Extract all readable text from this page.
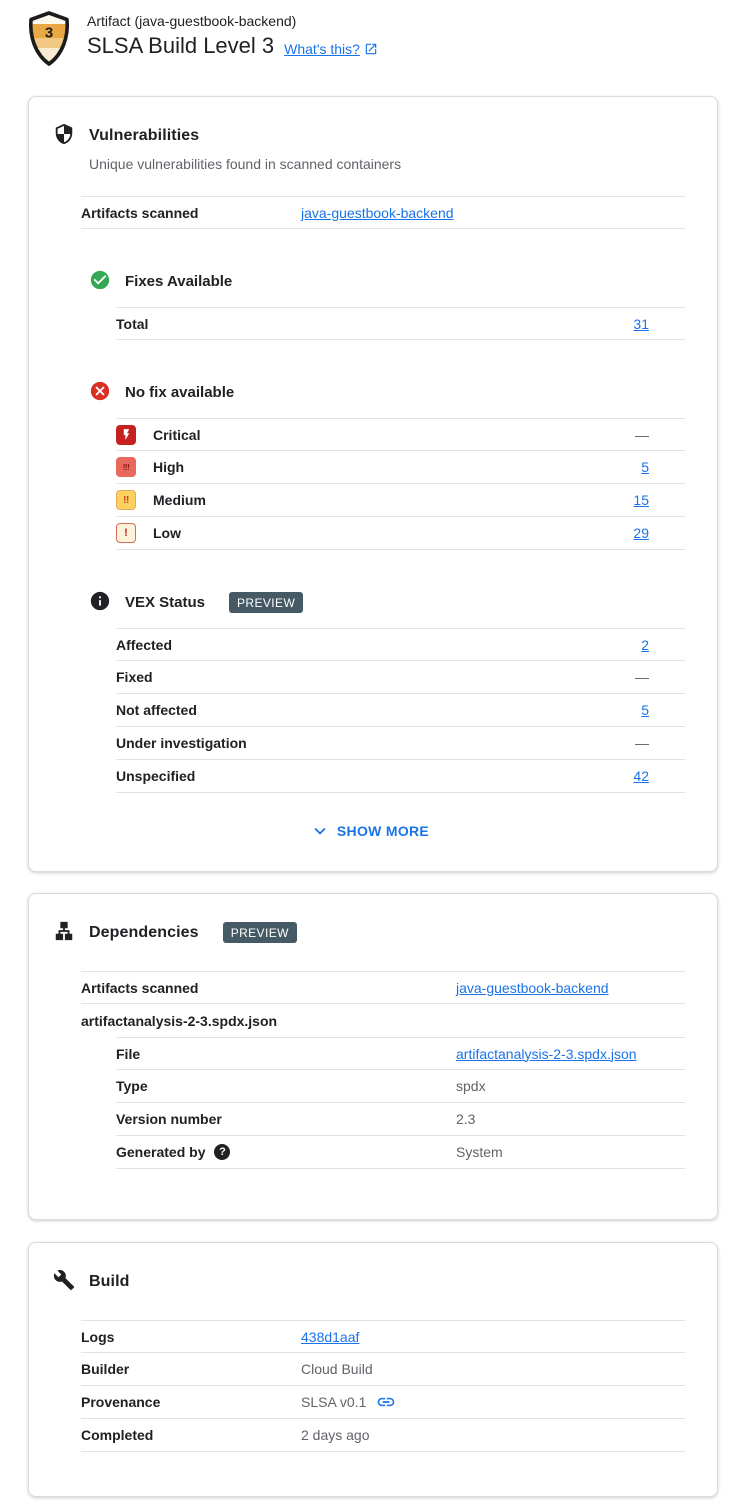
3
Artifact (java-guestbook-backend)
SLSA Build Level 3 What's this?
Vulnerabilities
Unique vulnerabilities found in scanned containers
Artifacts scanned	java-guestbook-backend
Fixes Available
Total	31
No fix available
Critical	—
!!!	High	5
!!	Medium	15
!	Low	29
VEX Status	PREVIEW
Affected	2
Fixed	—
Not affected	5
Under investigation	—
Unspecified	42
SHOW MORE
Dependencies	PREVIEW
Artifacts scanned	java-guestbook-backend
artifactanalysis-2-3.spdx.json
File	artifactanalysis-2-3.spdx.json
Type	spdx
Version number	2.3
Generated by	?	System
Build
Logs	438d1aaf
Builder	Cloud Build
Provenance	SLSA v0.1
Completed	2 days ago
